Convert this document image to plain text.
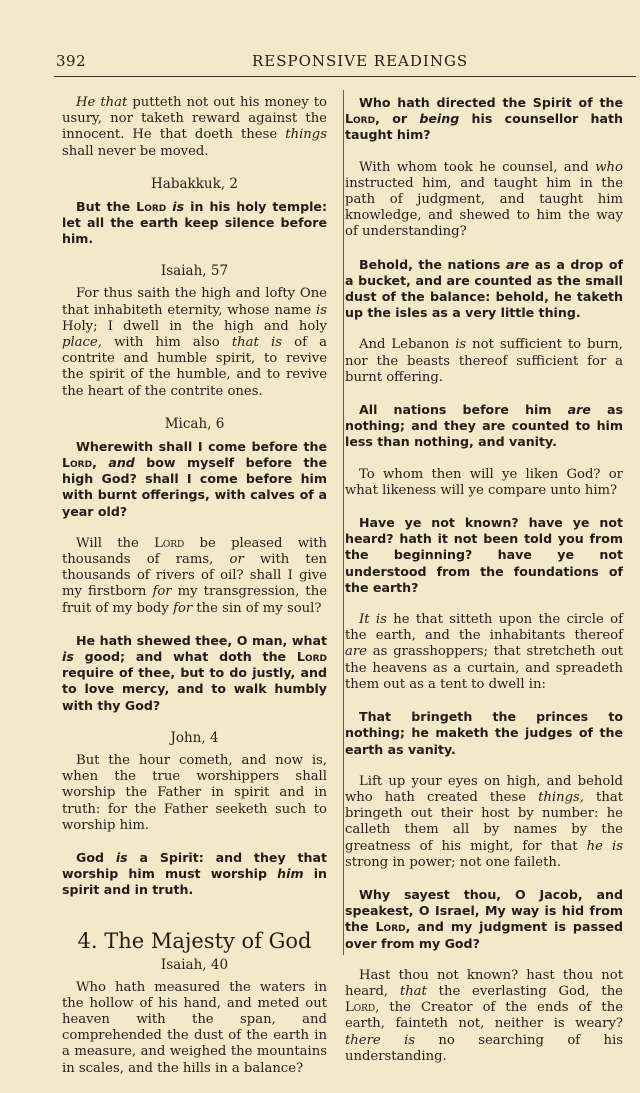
392	RESPONSIVE READINGS

He that putteth not out his money to usury, nor taketh reward against the innocent. He that doeth these things shall never be moved.

Habakkuk, 2

But the Lord is in his holy temple: let all the earth keep silence before him.

Isaiah, 57

For thus saith the high and lofty One that inhabiteth eternity, whose name is Holy; I dwell in the high and holy place, with him also that is of a contrite and humble spirit, to revive the spirit of the humble, and to revive the heart of the contrite ones.

Micah, 6

Wherewith shall I come before the Lord, and bow myself before the high God? shall I come before him with burnt offerings, with calves of a year old?

Will the Lord be pleased with thousands of rams, or with ten thousands of rivers of oil? shall I give my firstborn for my transgression, the fruit of my body for the sin of my soul?

He hath shewed thee, O man, what is good; and what doth the Lord require of thee, but to do justly, and to love mercy, and to walk humbly with thy God?

John, 4

But the hour cometh, and now is, when the true worshippers shall worship the Father in spirit and in truth: for the Father seeketh such to worship him.

God is a Spirit: and they that worship him must worship him in spirit and in truth.

4. The Majesty of God
Isaiah, 40

Who hath measured the waters in the hollow of his hand, and meted out heaven with the span, and comprehended the dust of the earth in a measure, and weighed the mountains in scales, and the hills in a balance?

Who hath directed the Spirit of the Lord, or being his counsellor hath taught him?

With whom took he counsel, and who instructed him, and taught him in the path of judgment, and taught him knowledge, and shewed to him the way of understanding?

Behold, the nations are as a drop of a bucket, and are counted as the small dust of the balance: behold, he taketh up the isles as a very little thing.

And Lebanon is not sufficient to burn, nor the beasts thereof sufficient for a burnt offering.

All nations before him are as nothing; and they are counted to him less than nothing, and vanity.

To whom then will ye liken God? or what likeness will ye compare unto him?

Have ye not known? have ye not heard? hath it not been told you from the beginning? have ye not understood from the foundations of the earth?

It is he that sitteth upon the circle of the earth, and the inhabitants thereof are as grasshoppers; that stretcheth out the heavens as a curtain, and spreadeth them out as a tent to dwell in:

That bringeth the princes to nothing; he maketh the judges of the earth as vanity.

Lift up your eyes on high, and behold who hath created these things, that bringeth out their host by number: he calleth them all by names by the greatness of his might, for that he is strong in power; not one faileth.

Why sayest thou, O Jacob, and speakest, O Israel, My way is hid from the Lord, and my judgment is passed over from my God?

Hast thou not known? hast thou not heard, that the everlasting God, the Lord, the Creator of the ends of the earth, fainteth not, neither is weary? there is no searching of his understanding.
